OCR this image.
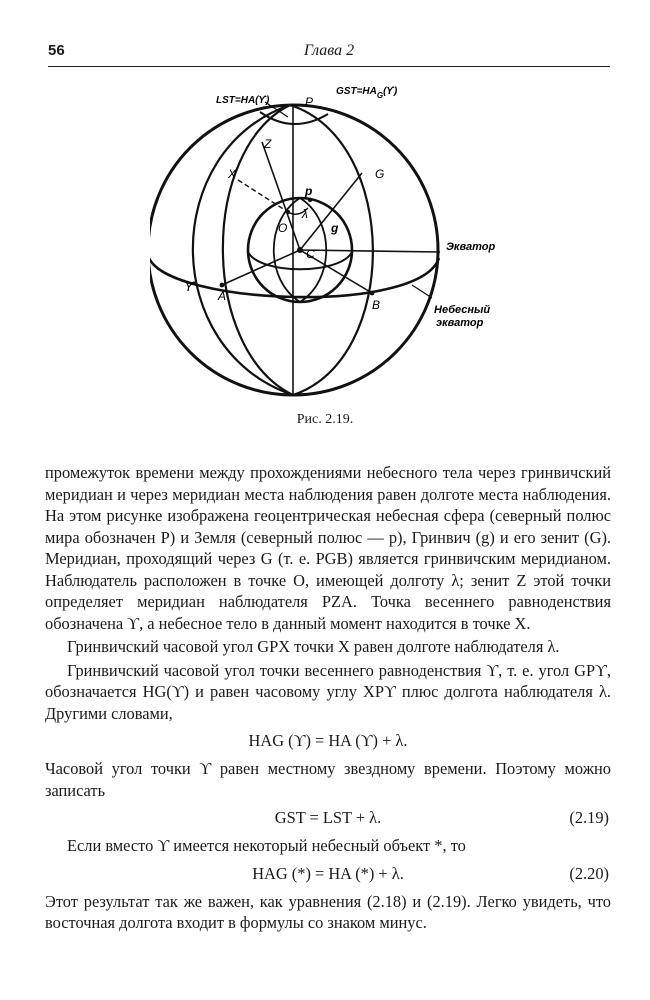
56	Глава 2
LST=HA(ϒ)
$GST=HA_G(ϒ)$
P
Z
X	G
p
λ
O	g
C
ϒ
A
B
Экватор
Небесный
экватор
Рис. 2.19.

промежуток времени между прохождениями небесного тела через гринвичский меридиан и через меридиан места наблюдения равен долготе места наблюдения. На этом рисунке изображена геоцентрическая небесная сфера (северный полюс мира обозначен P) и Земля (северный полюс — p), Гринвич (g) и его зенит (G). Меридиан, проходящий через G (т. е. PGB) является гринвичским меридианом. Наблюдатель расположен в точке O, имеющей долготу λ; зенит Z этой точки определяет меридиан наблюдателя PZA. Точка весеннего равноденствия обозначена ϒ, а небесное тело в данный момент находится в точке X.

Гринвичский часовой угол GPX точки X равен долготе наблюдателя λ.

Гринвичский часовой угол точки весеннего равноденствия ϒ, т. е. угол GPϒ, обозначается HG(ϒ) и равен часовому углу XPϒ плюс долгота наблюдателя λ. Другими словами,

HAG (ϒ) = HA (ϒ) + λ.

Часовой угол точки ϒ равен местному звездному времени. Поэтому можно записать

GST = LST + λ.	(2.19)

Если вместо ϒ имеется некоторый небесный объект *, то

HAG (*) = HA (*) + λ.	(2.20)

Этот результат так же важен, как уравнения (2.18) и (2.19). Легко увидеть, что восточная долгота входит в формулы со знаком минус.
